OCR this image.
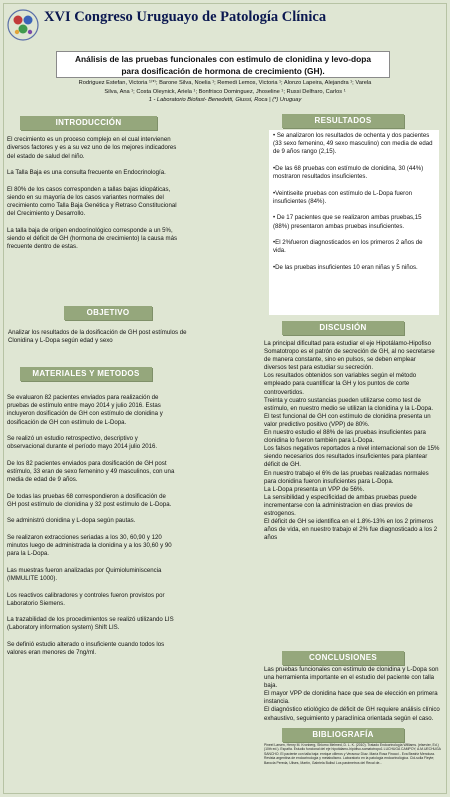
XVI Congreso Uruguayo de Patología Clínica
Análisis de las pruebas funcionales con estimulo de clonidina y levo-dopa
para dosificación de hormona de crecimiento (GH).
Rodriguez Estefan, Victoria ¹⁽*⁾; Barone Silva, Noelia ¹; Remedi Lemos, Victoria ¹; Alonzo Lapeira, Alejandra ¹; Varela
Silva, Ana ¹; Costa Oleynick, Ariela ¹; Bonfrisco Dominguez, Jhoseline ¹; Russi Delfraro, Carlos ¹
1 - Laboratorio Biofast- Benedetti, Giussi, Roca | (*) Uruguay
INTRODUCCIÓN

El crecimiento es un proceso complejo en el cual intervienen diversos factores y es a su vez uno de los mejores indicadores del estado de salud del niño.

La Talla Baja es una consulta frecuente en Endocrinología.

El 80% de los casos corresponden a tallas bajas idiopáticas, siendo en su mayoría de los casos variantes normales del crecimiento como Talla Baja Genética y Retraso Constitucional del Crecimiento y Desarrollo.

La talla baja de origen endocrinológico corresponde a un 5%, siendo el déficit de GH (hormona de crecimiento) la causa más frecuente dentro de estas.

OBJETIVO
Analizar los resultados de la dosificación de GH post estímulos de Clonidina y L-Dopa según edad y sexo
MATERIALES Y METODOS

Se evaluaron 82 pacientes enviados para realización de pruebas de estímulo entre mayo 2014 y julio 2016. Estas incluyeron dosificación de GH con estímulo de clonidina y dosificación de GH con estímulo de L-Dopa.

Se realizó un estudio retrospectivo, descriptivo y observacional durante el período mayo 2014 julio 2016.

De los 82 pacientes enviados para dosificación de GH post estímulo, 33 eran de sexo femenino y 49 masculinos, con una media de edad de 9 años.

De todas las pruebas 68 correspondieron a dosificación de GH post estímulo de clonidina y 32 post estímulo de L-Dopa.

Se administró clonidina y L-dopa según pautas.

Se realizaron extracciones seriadas a los 30, 60,90 y 120 minutos luego de administrada la clonidina y a los 30,60 y 90 para la L-Dopa.

Las muestras fueron analizadas por Quimioluminiscencia (IMMULITE 1000).

Los reactivos calibradores y controles fueron provistos por Laboratorio Siemens.

La trazabilidad de los procedimientos se realizó utilizando LIS (Laboratory information system) Shift LIS.

Se definió estudio alterado o insuficiente cuando todos los valores eran menores de 7ng/ml.

RESULTADOS

• Se analizaron los resultados de ochenta y dos pacientes (33 sexo femenino, 49 sexo masculino) con media de edad de 9 años rango (2,15).

•De las 68 pruebas con estímulo de clonidina, 30 (44%) mostraron resultados insuficientes.

•Veintiseite pruebas con estímulo de L-Dopa fueron insuficientes (84%).

• De 17 pacientes que se realizaron ambas pruebas,15 (88%) presentaron ambas pruebas insuficientes.

•El 2%fueron diagnosticados en los primeros 2 años de vida.

•De las pruebas insuficientes 10 eran niñas y 5 niños.

DISCUSIÓN
La principal dificultad para estudiar el eje Hipotálamo-Hipofiso Somatotropo es el patrón de secreción de GH, al no secretarse de manera constante, sino en pulsos, se deben emplear diversos test para estudiar su secreción.
Los resultados obtenidos son variables según el método empleado para cuantificar la GH y los puntos de corte controvertidos.
Treinta y cuatro sustancias pueden utilizarse como test de estímulo, en nuestro medio se utilizan la clonidina y la L-Dopa.
El test funcional de GH con estímulo de clonidina presenta un valor predictivo positivo (VPP) de 80%.
En nuestro estudio el 88% de las pruebas insuficientes para clonidina lo fueron también para L-Dopa.
Los falsos negativos reportados a nivel internacional son de 15% siendo necesarios dos resultados insuficientes para plantear déficit de GH.
En nuestro trabajo el 6% de las pruebas realizadas normales para clonidina fueron insuficientes para L-Dopa.
La L-Dopa presenta un VPP de 56%.
La sensibilidad y especificidad de ambas pruebas puede incrementarse con la administracion en dias previos de estrogenos.
El déficit de GH se identifica en el 1.8%-13% en los 2 primeros años de vida, en nuestro trabajo el 2% fue diagnosticado a los 2 años
CONCLUSIONES
Las pruebas funcionales con estímulo de clonidina y L-Dopa son una herramienta importante en el estudio del paciente con talla baja.
El mayor VPP de clonidina hace que sea de elección en primera instancia.
El diagnóstico etiológico de déficit de GH requiere análisis clínico exhaustivo, seguimiento y paraclínica orientada según el caso.
BIBLIOGRAFÍA
Pineel Larsen, Henry M. Kronberg, Shlomo Melmed, D. L. K. (2010). Tratado Endocrinología Williams. (elsevier, Ed.) (10th ed.). España. Estudio funcional del eje hipotálamo-hipófiso-somatotropo1 LUCHUGA CAMPOY, A.M.UECHUGA SANCHO. El paciente con talla baja: enrique cilleros y Veracruz Díaz. María Rosa Finocci - Eva Beatriz Mendoza. Revista argentina de endocrinología y metabolismo. Laboratorio en la patología endocrinológica. Cid-solla Fleyte; Barocla Pereda, Ulises, Martín, Gabriela Bulbul Los parámetros del Recal de...
